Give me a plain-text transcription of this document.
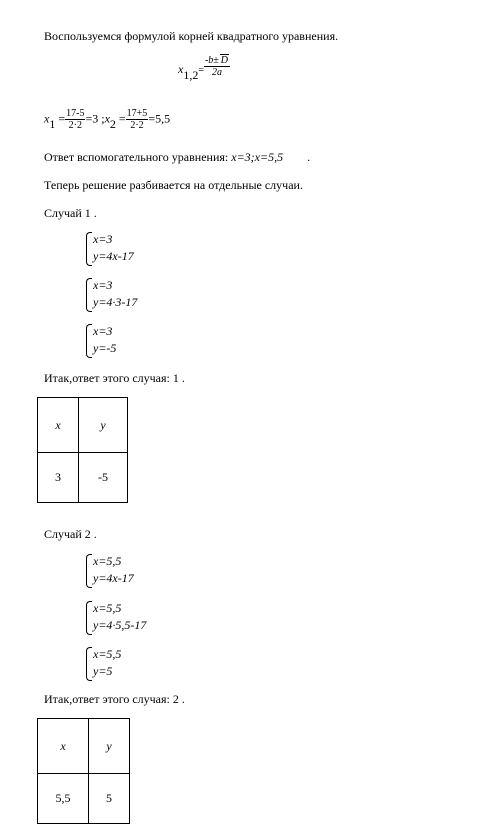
Воспользуемся формулой корней квадратного уравнения.
$x1,2= \frac{-b\pm D}{2a}$
$x1 = \frac{17-5}{2\cdot 2} =3$ ;x2 = $\frac{17+5}{2\cdot 2} =5,5$
Ответ вспомогательного уравнения: x=3;x=5,5 .
Теперь решение разбивается на отдельные случаи.
Случай 1 .
x=3
y=4x-17
x=3
y=4·3-17
x=3
y=-5
Итак,ответ этого случая: 1 .
x	y
3	-5
Случай 2 .
x=5,5
y=4x-17
x=5,5
y=4·5,5-17
x=5,5
y=5
Итак,ответ этого случая: 2 .
x	y
5,5	5
